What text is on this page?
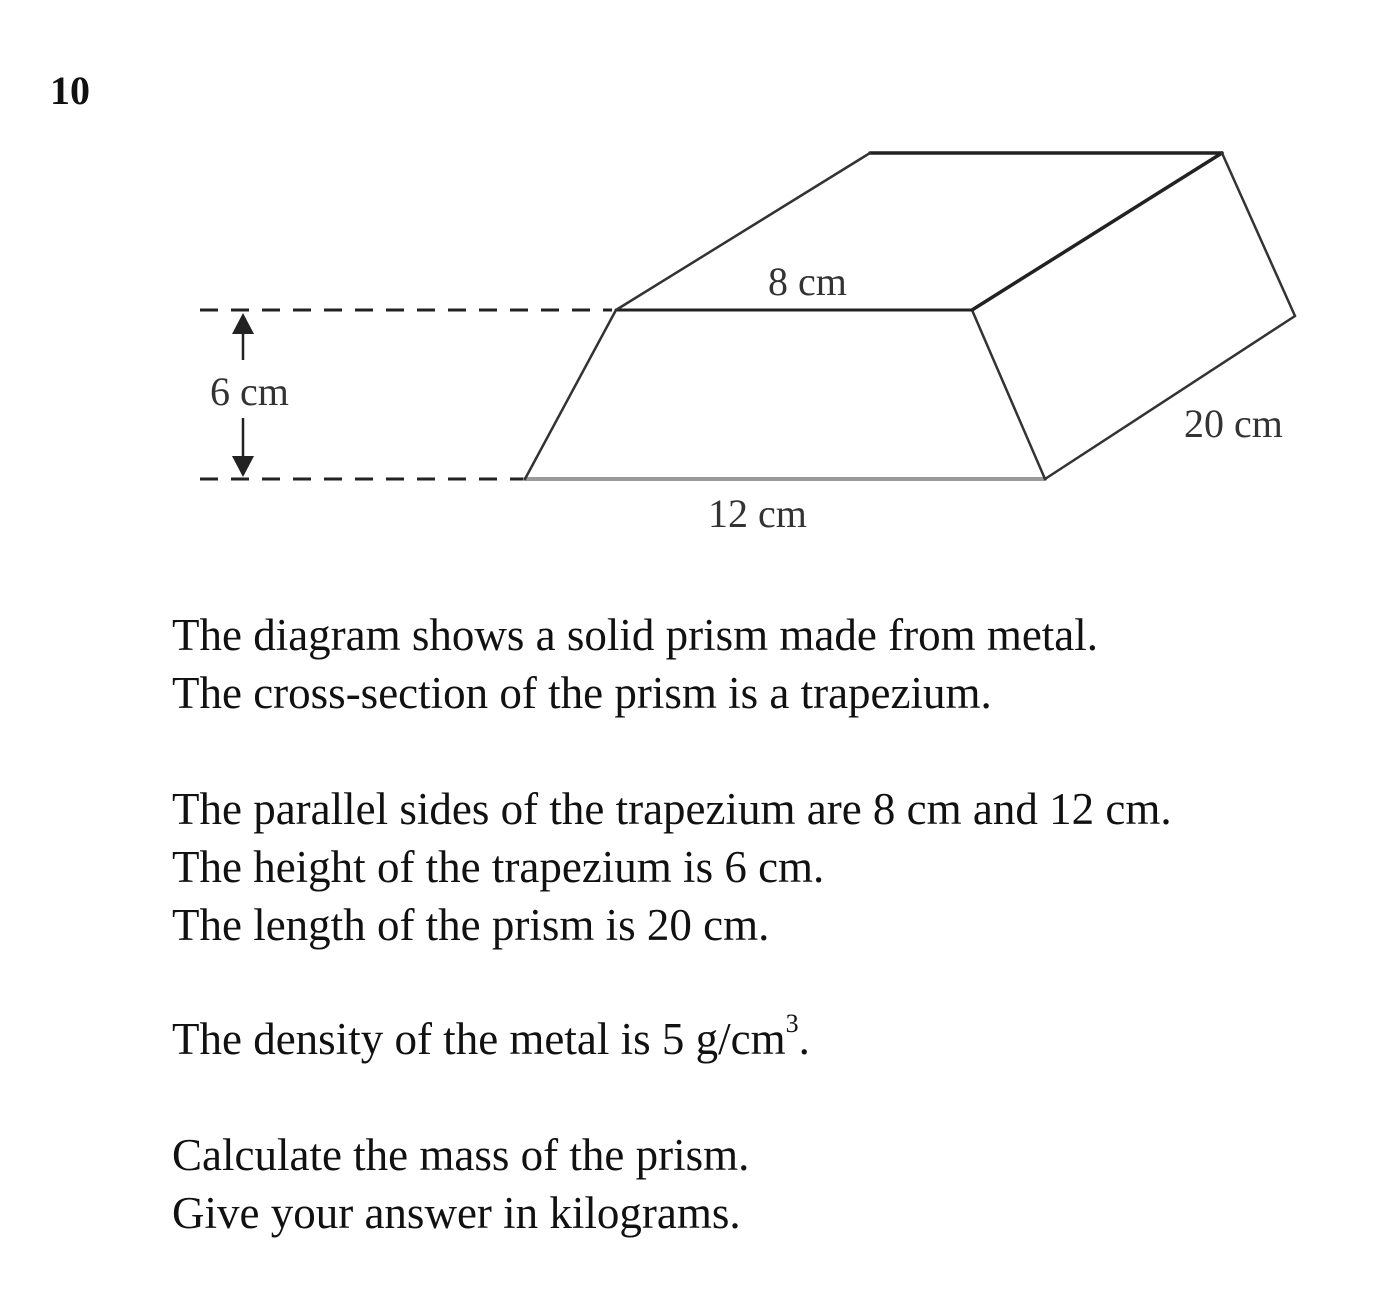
10
8 cm
6 cm
20 cm
12 cm

The diagram shows a solid prism made from metal.

The cross-section of the prism is a trapezium.

The parallel sides of the trapezium are 8 cm and 12 cm.

The height of the trapezium is 6 cm.

The length of the prism is 20 cm.

The density of the metal is 5 $g/cm^3$.

Calculate the mass of the prism.

Give your answer in kilograms.
